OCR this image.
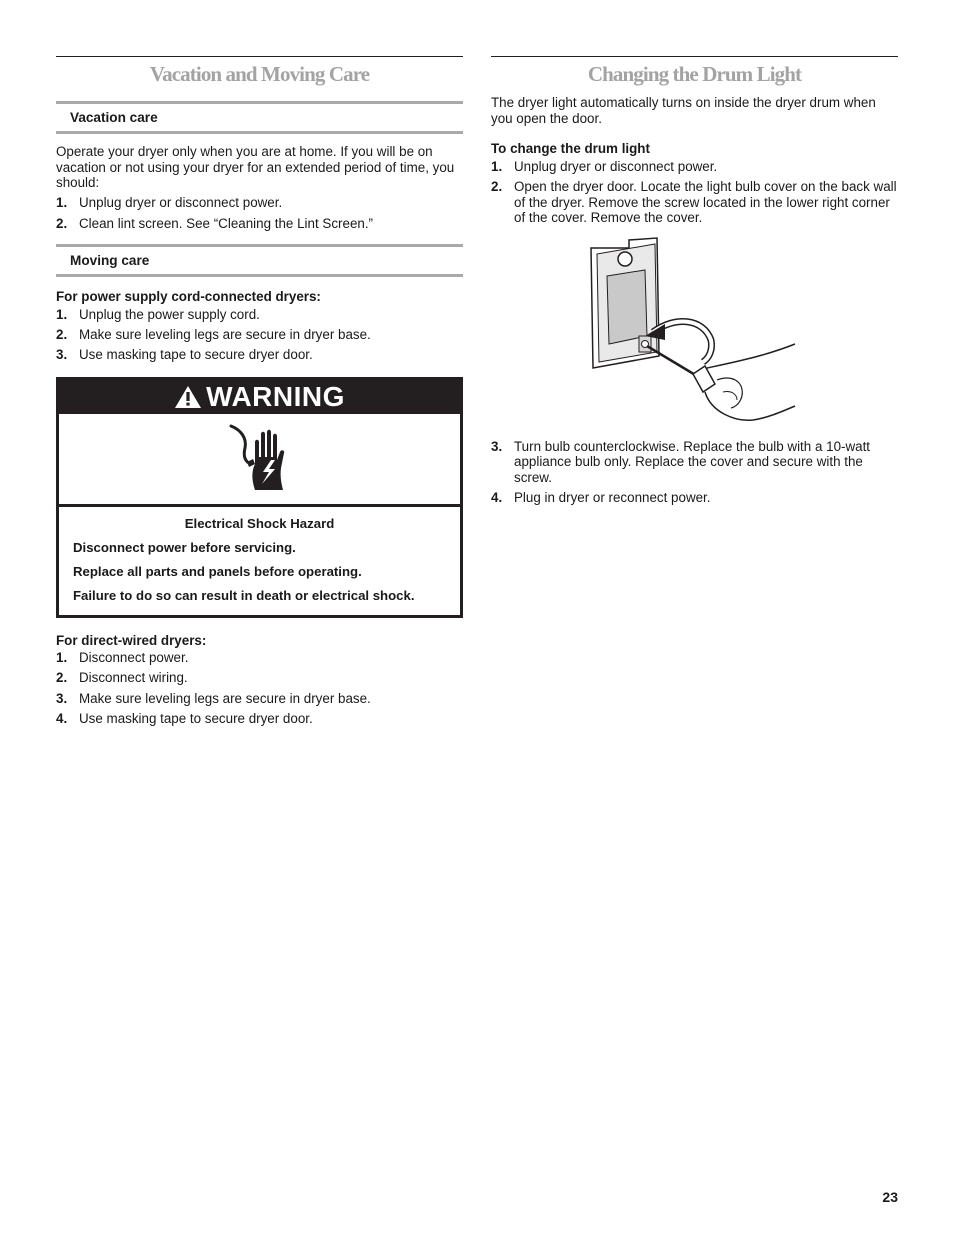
Vacation and Moving Care
Vacation care

Operate your dryer only when you are at home. If you will be on vacation or not using your dryer for an extended period of time, you should:

1. Unplug dryer or disconnect power.
2. Clean lint screen. See “Cleaning the Lint Screen.”
Moving care

For power supply cord-connected dryers:

1. Unplug the power supply cord.
2. Make sure leveling legs are secure in dryer base.
3. Use masking tape to secure dryer door.
WARNING

Electrical Shock Hazard

Disconnect power before servicing.

Replace all parts and panels before operating.

Failure to do so can result in death or electrical shock.

For direct-wired dryers:

1. Disconnect power.
2. Disconnect wiring.
3. Make sure leveling legs are secure in dryer base.
4. Use masking tape to secure dryer door.
Changing the Drum Light

The dryer light automatically turns on inside the dryer drum when you open the door.

To change the drum light

1. Unplug dryer or disconnect power.
2. Open the dryer door. Locate the light bulb cover on the back wall of the dryer. Remove the screw located in the lower right corner of the cover. Remove the cover.
3. Turn bulb counterclockwise. Replace the bulb with a 10-watt appliance bulb only. Replace the cover and secure with the screw.
4. Plug in dryer or reconnect power.
23
